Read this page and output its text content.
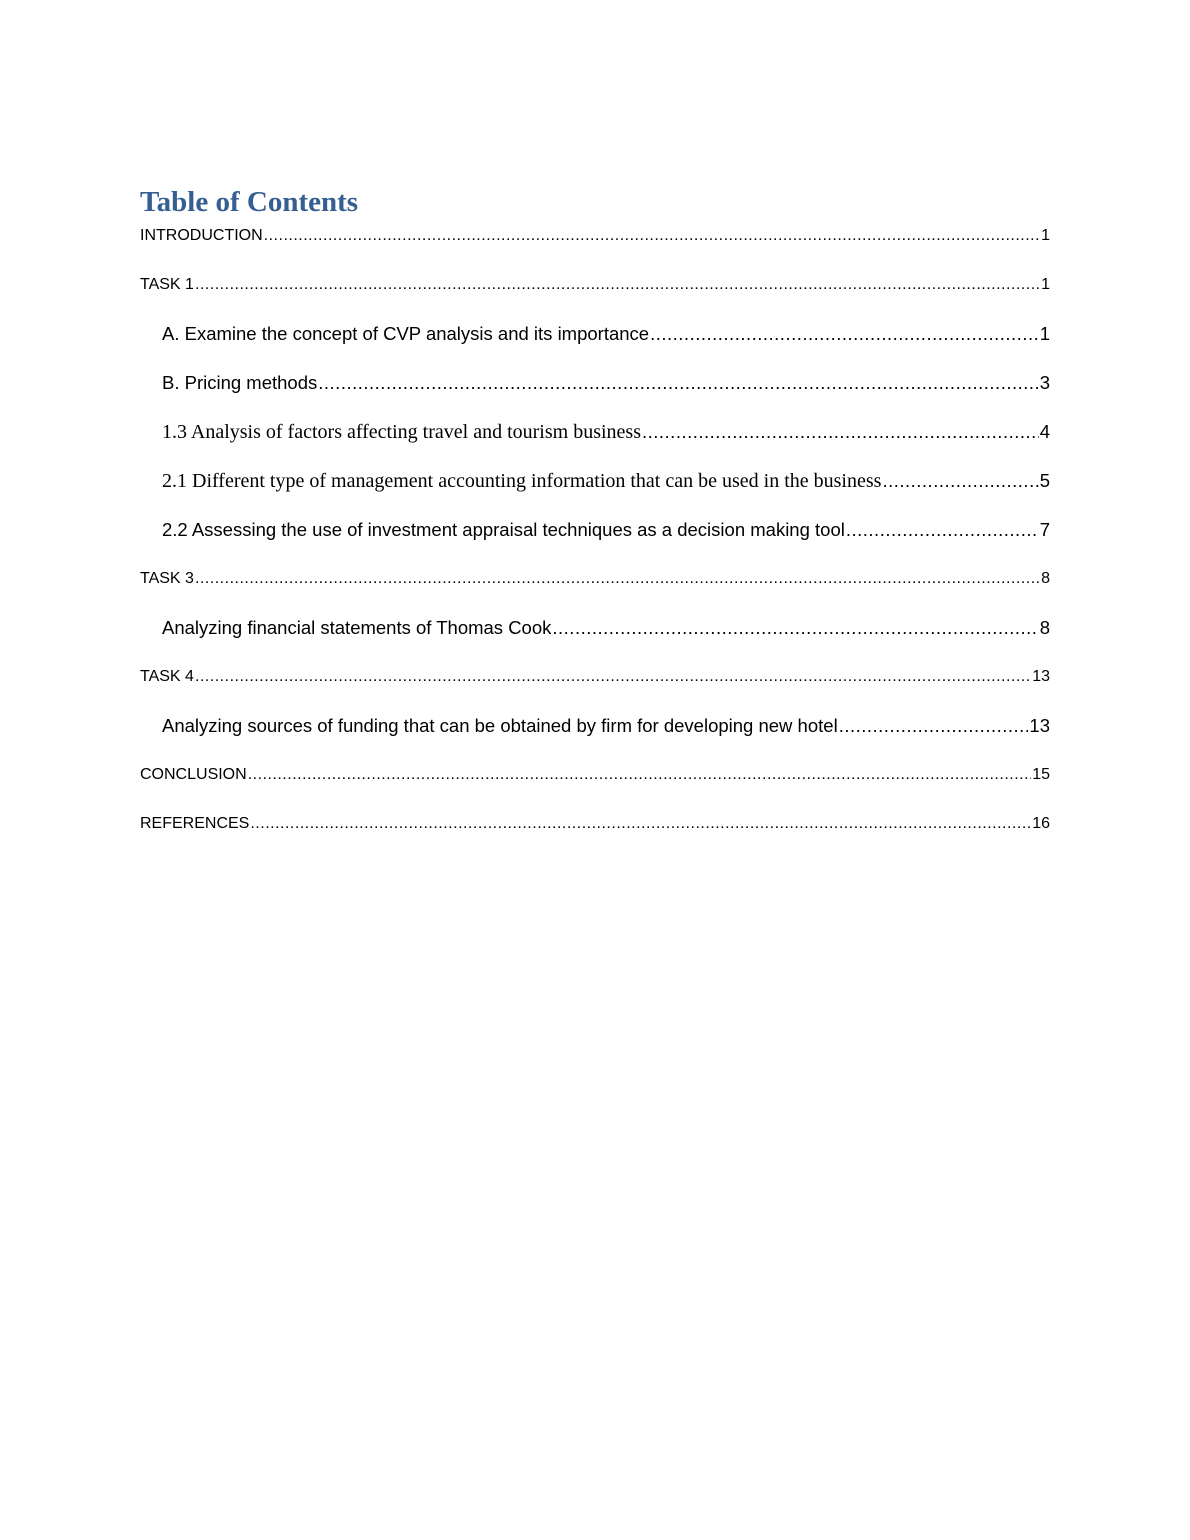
Table of Contents
INTRODUCTION .....	1
TASK 1 .....	1
A. Examine the concept of CVP analysis and its importance .....	1
B. Pricing methods .....	3
1.3 Analysis of factors affecting travel and tourism business .....	4
2.1 Different type of management accounting information that can be used in the business .....	5
2.2 Assessing the use of investment appraisal techniques as a decision making tool .....	7
TASK 3 .....	8
Analyzing financial statements of Thomas Cook .....	8
TASK 4 .....	13
Analyzing sources of funding that can be obtained by firm for developing new hotel .....	13
CONCLUSION .....	15
REFERENCES .....	16
